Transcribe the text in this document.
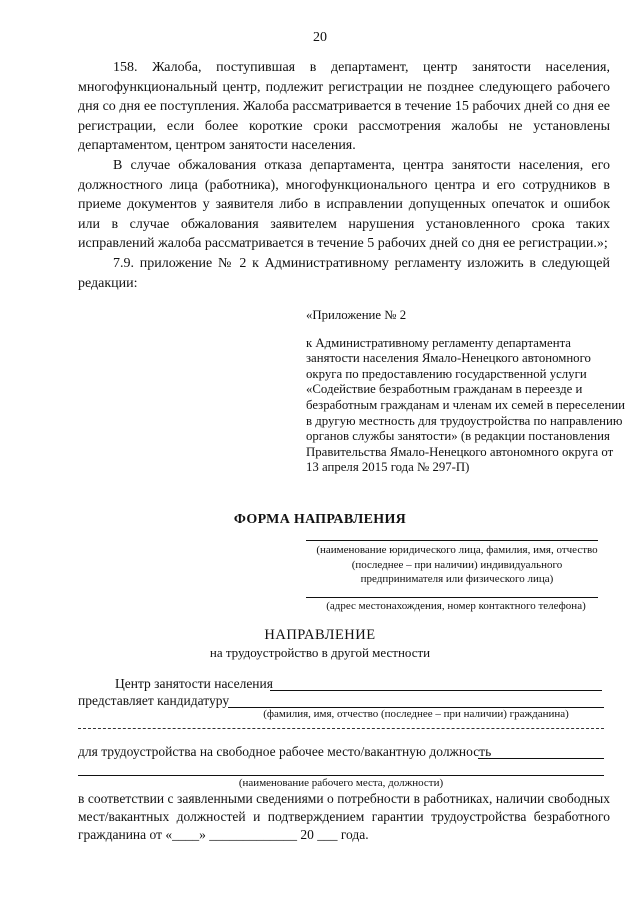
20

158. Жалоба, поступившая в департамент, центр занятости населения, многофункциональный центр, подлежит регистрации не позднее следующего рабочего дня со дня ее поступления. Жалоба рассматривается в течение 15 рабочих дней со дня ее регистрации, если более короткие сроки рассмотрения жалобы не установлены департаментом, центром занятости населения.

В случае обжалования отказа департамента, центра занятости населения, его должностного лица (работника), многофункционального центра и его сотрудников в приеме документов у заявителя либо в исправлении допущенных опечаток и ошибок или в случае обжалования заявителем нарушения установленного срока таких исправлений жалоба рассматривается в течение 5 рабочих дней со дня ее регистрации.»;

7.9. приложение № 2 к Административному регламенту изложить в следующей редакции:

«Приложение № 2

к Административному регламенту департамента занятости населения Ямало-Ненецкого автономного округа по предоставлению государственной услуги «Содействие безработным гражданам в переезде и безработным гражданам и членам их семей в переселении в другую местность для трудоустройства по направлению органов службы занятости» (в редакции постановления Правительства Ямало-Ненецкого автономного округа от 13 апреля 2015 года № 297-П)

ФОРМА НАПРАВЛЕНИЯ
(наименование юридического лица, фамилия, имя, отчество (последнее – при наличии) индивидуального предпринимателя или физического лица)
(адрес местонахождения, номер контактного телефона)
НАПРАВЛЕНИЕ
на трудоустройство в другой местности
Центр занятости населения
представляет кандидатуру
(фамилия, имя, отчество (последнее – при наличии) гражданина)
для трудоустройства на свободное рабочее место/вакантную должность
(наименование рабочего места, должности)

в соответствии с заявленными сведениями о потребности в работниках, наличии свободных мест/вакантных должностей и подтверждением гарантии трудоустройства безработного гражданина от «____» _____________ 20 ___ года.
